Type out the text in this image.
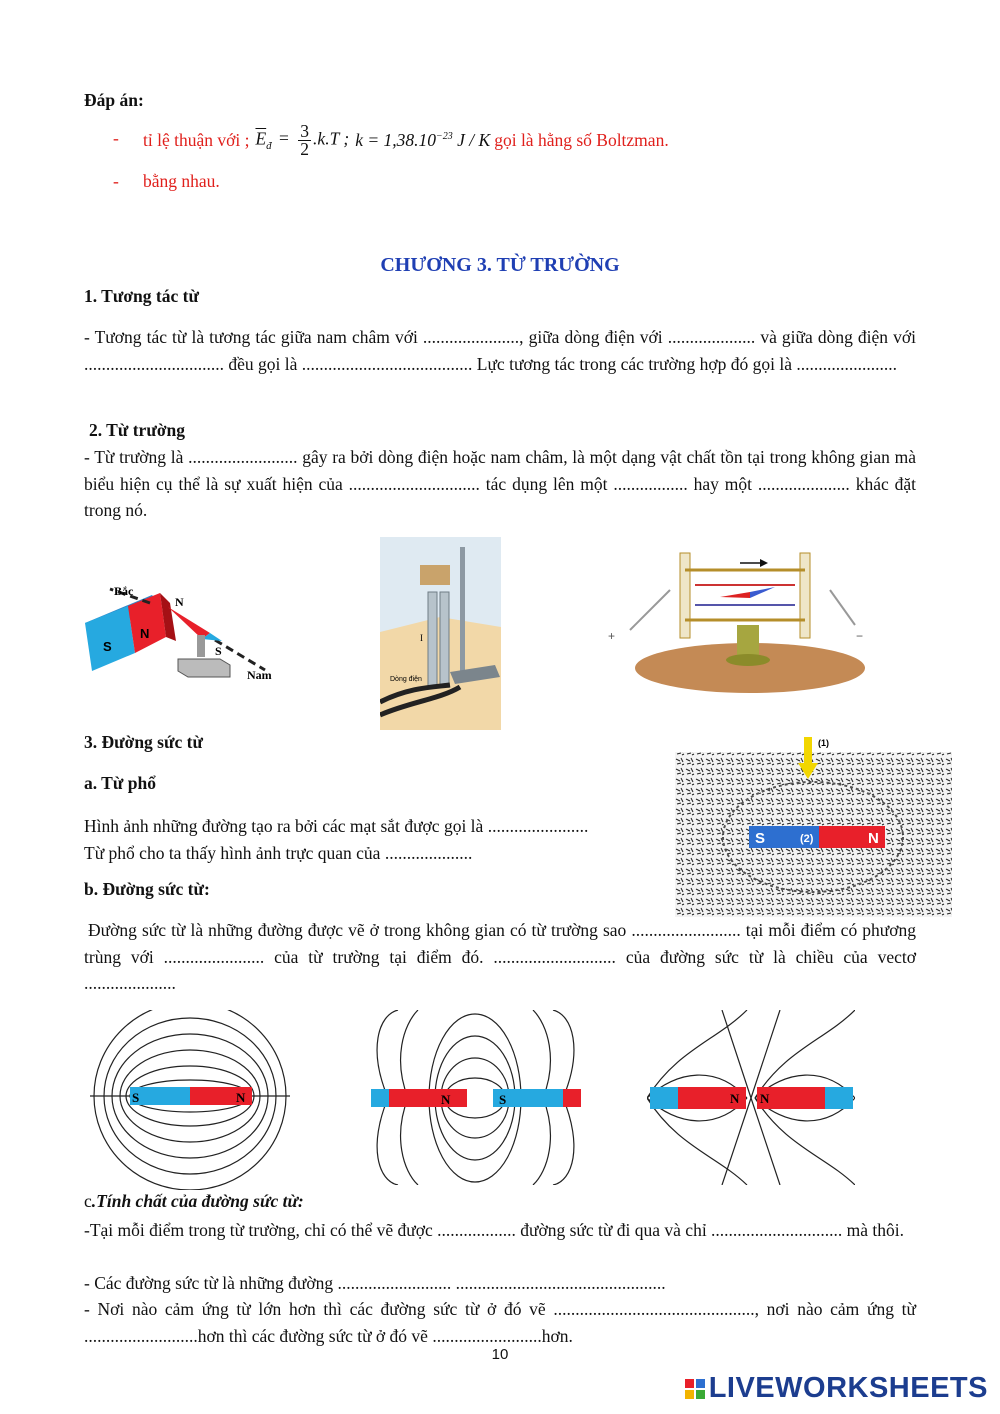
Đáp án:
- tỉ lệ thuận với ; $\overline{E}_đ = \frac{3}{2} .k.T$ ; $k = 1,38.10^{-23}$ J / K gọi là hằng số Boltzman.
- bằng nhau.
CHƯƠNG 3. TỪ TRƯỜNG
1. Tương tác từ
- Tương tác từ là tương tác giữa nam châm với ......................, giữa dòng điện với .................... và giữa dòng điện với ................................ đều gọi là ....................................... Lực tương tác trong các trường hợp đó gọi là .......................
2. Từ trường
- Từ trường là ......................... gây ra bởi dòng điện hoặc nam châm, là một dạng vật chất tồn tại trong không gian mà biểu hiện cụ thể là sự xuất hiện của .............................. tác dụng lên một ................. hay một ..................... khác đặt trong nó.
S
N
Bắc
N
S
Nam
I
Dòng điện
+	−
3. Đường sức từ
a. Từ phổ
Hình ảnh những đường tạo ra bởi các mạt sắt được gọi là .......................
Từ phổ cho ta thấy hình ảnh trực quan của ....................
b. Đường sức từ:
Đường sức từ là những đường được vẽ ở trong không gian có từ trường sao ......................... tại mỗi điểm có phương trùng với ....................... của từ trường tại điểm đó. ............................ của đường sức từ là chiều của vectơ .....................
S	(2)	N
(1)
S	N	N	S	N N
c.Tính chất của đường sức từ:
-Tại mỗi điểm trong từ trường, chỉ có thể vẽ được .................. đường sức từ đi qua và chỉ .............................. mà thôi.
- Các đường sức từ là những đường .......................... ................................................
- Nơi nào cảm ứng từ lớn hơn thì các đường sức từ ở đó vẽ .............................................., nơi nào cảm ứng từ ..........................hơn thì các đường sức từ ở đó vẽ .........................hơn.
10
LIVEWORKSHEETS
